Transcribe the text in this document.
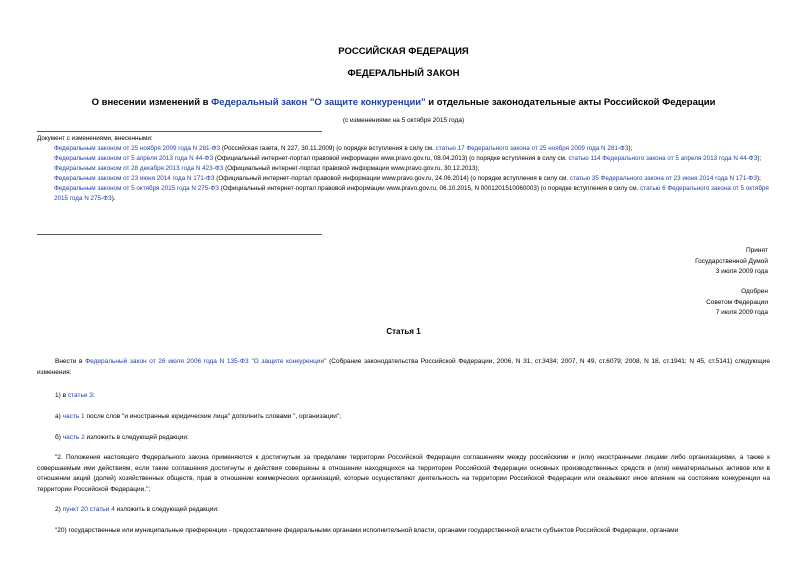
РОССИЙСКАЯ ФЕДЕРАЦИЯ
ФЕДЕРАЛЬНЫЙ ЗАКОН
О внесении изменений в Федеральный закон "О защите конкуренции" и отдельные законодательные акты Российской Федерации
(с изменениями на 5 октября 2015 года)

Документ с изменениями, внесенными:

Федеральным законом от 25 ноября 2009 года N 281-ФЗ (Российская газета, N 227, 30.11.2009) (о порядке вступления в силу см. статью 17 Федерального закона от 25 ноября 2009 года N 281-ФЗ);

Федеральным законом от 5 апреля 2013 года N 44-ФЗ (Официальный интернет-портал правовой информации www.pravo.gov.ru, 08.04.2013) (о порядке вступления в силу см. статью 114 Федерального закона от 5 апреля 2013 года N 44-ФЗ);

Федеральным законом от 28 декабря 2013 года N 423-ФЗ (Официальный интернет-портал правовой информации www.pravo.gov.ru, 30.12.2013);

Федеральным законом от 23 июня 2014 года N 171-ФЗ (Официальный интернет-портал правовой информации www.pravo.gov.ru, 24.06.2014) (о порядке вступления в силу см. статью 35 Федерального закона от 23 июня 2014 года N 171-ФЗ);

Федеральным законом от 5 октября 2015 года N 275-ФЗ (Официальный интернет-портал правовой информации www.pravo.gov.ru, 06.10.2015, N 0001201510060003) (о порядке вступления в силу см. статью 6 Федерального закона от 5 октября 2015 года N 275-ФЗ).

Принят
Государственной Думой
3 июля 2009 года
Одобрен
Советом Федерации
7 июля 2009 года
Статья 1

Внести в Федеральный закон от 26 июля 2006 года N 135-ФЗ "О защите конкуренции" (Собрание законодательства Российской Федерации, 2006, N 31, ст.3434; 2007, N 49, ст.6079; 2008, N 18, ст.1941; N 45, ст.5141) следующие изменения:

1) в статье 3:

а) часть 1 после слов "и иностранные юридические лица" дополнить словами ", организации";

б) часть 2 изложить в следующей редакции:

"2. Положения настоящего Федерального закона применяются к достигнутым за пределами территории Российской Федерации соглашениям между российскими и (или) иностранными лицами либо организациями, а также к совершаемым ими действиям, если такие соглашения достигнуты и действия совершены в отношении находящихся на территории Российской Федерации основных производственных средств и (или) нематериальных активов или в отношении акций (долей) хозяйственных обществ, прав в отношении коммерческих организаций, которые осуществляют деятельность на территории Российской Федерации или оказывают иное влияние на состояние конкуренции на территории Российской Федерации.";

2) пункт 20 статьи 4 изложить в следующей редакции:

"20) государственные или муниципальные преференции - предоставление федеральными органами исполнительной власти, органами государственной власти субъектов Российской Федерации, органами
